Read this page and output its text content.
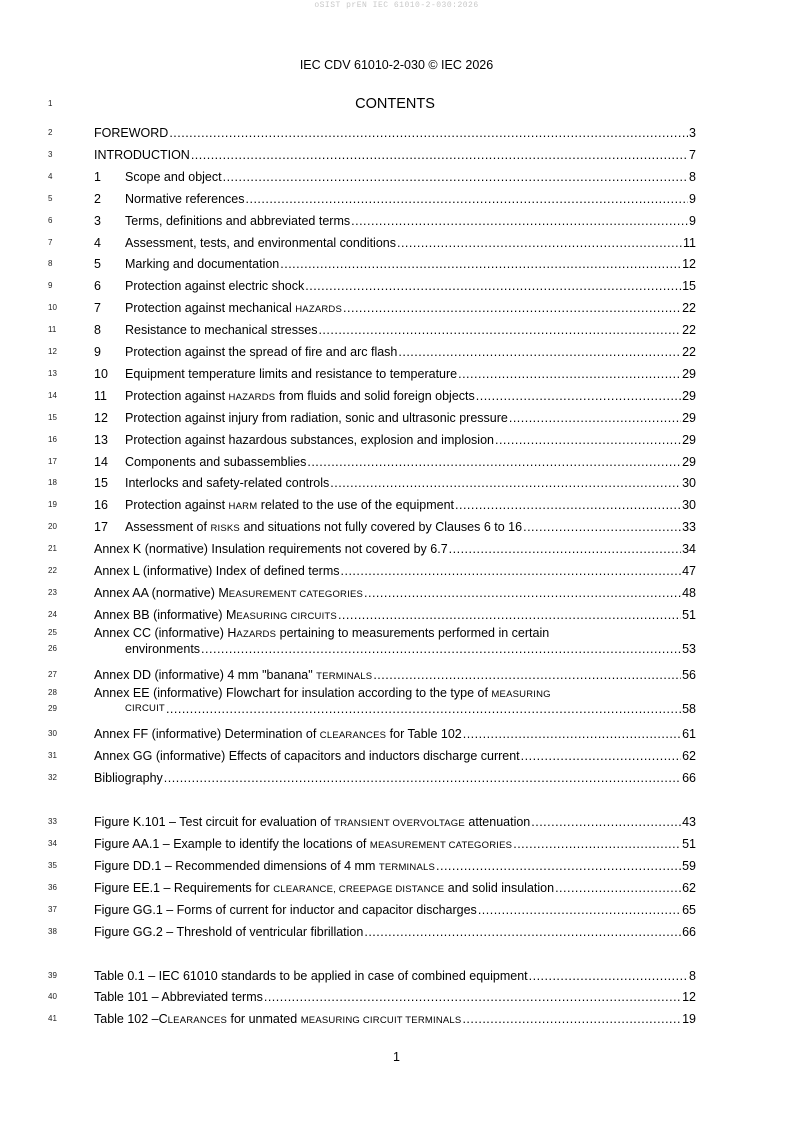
oSIST prEN IEC 61010-2-030:2026
IEC CDV 61010-2-030 © IEC 2026
1	CONTENTS
2	FOREWORD .....	3
3	INTRODUCTION .....	7
4	1 Scope and object .....	8
5	2 Normative references .....	9
6	3 Terms, definitions and abbreviated terms .....	9
7	4 Assessment, tests, and environmental conditions .....	11
8	5 Marking and documentation .....	12
9	6 Protection against electric shock .....	15
10	7 Protection against mechanical HAZARDS .....	22
11	8 Resistance to mechanical stresses .....	22
12	9 Protection against the spread of fire and arc flash .....	22
13	10 Equipment temperature limits and resistance to temperature .....	29
14	11 Protection against HAZARDS from fluids and solid foreign objects .....	29
15	12 Protection against injury from radiation, sonic and ultrasonic pressure .....	29
16	13 Protection against hazardous substances, explosion and implosion .....	29
17	14 Components and subassemblies .....	29
18	15 Interlocks and safety-related controls .....	30
19	16 Protection against HARM related to the use of the equipment .....	30
20	17 Assessment of RISKS and situations not fully covered by Clauses 6 to 16 .....	33
21	Annex K (normative) Insulation requirements not covered by 6.7 .....	34
22	Annex L (informative) Index of defined terms .....	47
23	Annex AA (normative) MEASUREMENT CATEGORIES .....	48
24	Annex BB (informative) MEASURING CIRCUITS .....	51
25	Annex CC (informative) HAZARDS pertaining to measurements performed in certain
26	environments .....	53
27	Annex DD (informative) 4 mm "banana" TERMINALS .....	56
28	Annex EE (informative) Flowchart for insulation according to the type of MEASURING
29	CIRCUIT .....	58
30	Annex FF (informative) Determination of CLEARANCES for Table 102 .....	61
31	Annex GG (informative) Effects of capacitors and inductors discharge current .....	62
32	Bibliography .....	66
33	Figure K.101 – Test circuit for evaluation of TRANSIENT OVERVOLTAGE attenuation .....	43
34	Figure AA.1 – Example to identify the locations of MEASUREMENT CATEGORIES .....	51
35	Figure DD.1 – Recommended dimensions of 4 mm TERMINALS .....	59
36	Figure EE.1 – Requirements for CLEARANCE, CREEPAGE DISTANCE and solid insulation .....	62
37	Figure GG.1 – Forms of current for inductor and capacitor discharges .....	65
38	Figure GG.2 – Threshold of ventricular fibrillation .....	66
39	Table 0.1 – IEC 61010 standards to be applied in case of combined equipment .....	8
40	Table 101 – Abbreviated terms .....	12
41	Table 102 –CLEARANCES for unmated MEASURING CIRCUIT TERMINALS .....	19
1
